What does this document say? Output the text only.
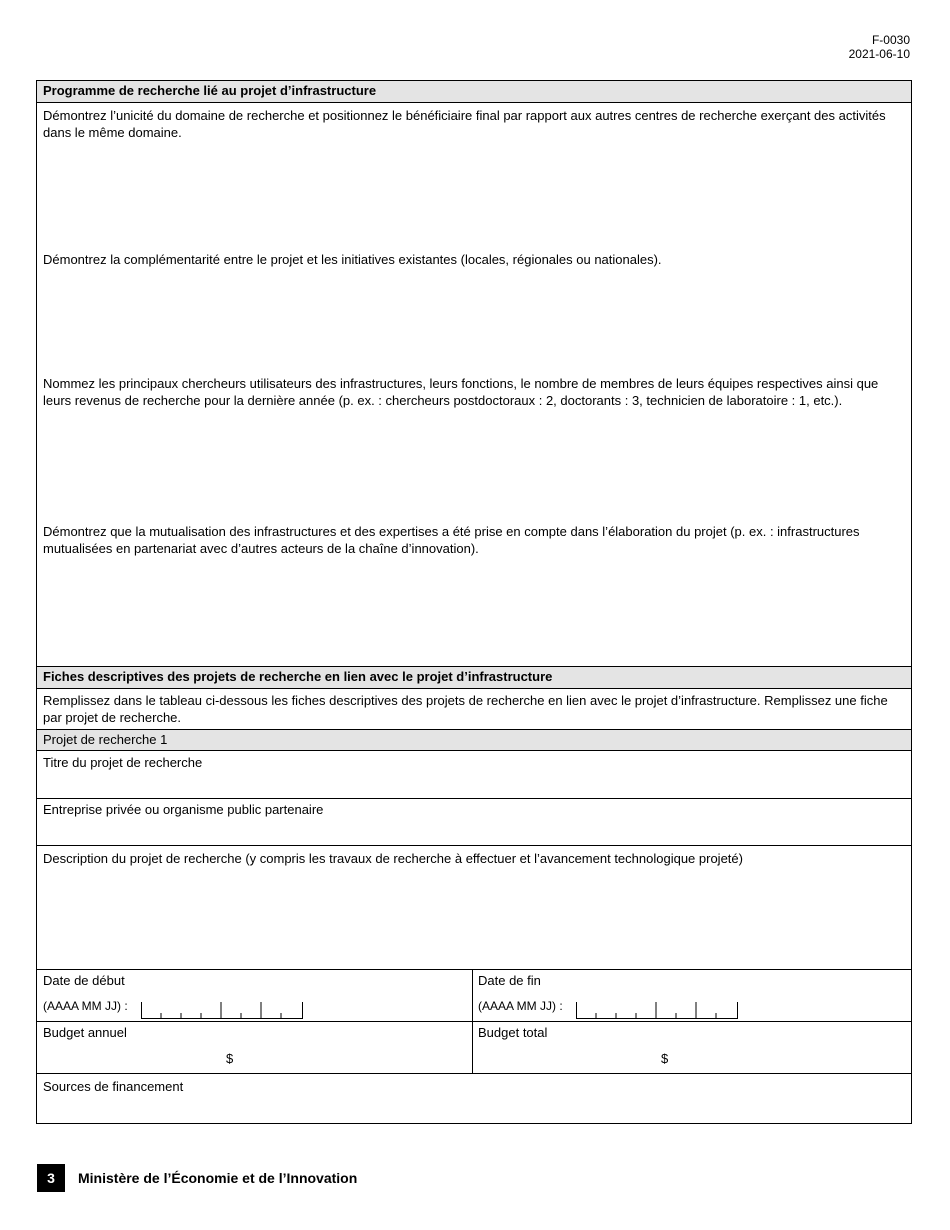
F-0030
2021-06-10
Programme de recherche lié au projet d’infrastructure
Démontrez l’unicité du domaine de recherche et positionnez le bénéficiaire final par rapport aux autres centres de recherche exerçant des activités dans le même domaine.
Démontrez la complémentarité entre le projet et les initiatives existantes (locales, régionales ou nationales).
Nommez les principaux chercheurs utilisateurs des infrastructures, leurs fonctions, le nombre de membres de leurs équipes respectives ainsi que leurs revenus de recherche pour la dernière année (p. ex. : chercheurs postdoctoraux : 2, doctorants : 3, technicien de laboratoire : 1, etc.).
Démontrez que la mutualisation des infrastructures et des expertises a été prise en compte dans l’élaboration du projet (p. ex. : infrastructures mutualisées en partenariat avec d’autres acteurs de la chaîne d’innovation).
Fiches descriptives des projets de recherche en lien avec le projet d’infrastructure
Remplissez dans le tableau ci-dessous les fiches descriptives des projets de recherche en lien avec le projet d’infrastructure. Remplissez une fiche par projet de recherche.
Projet de recherche 1
Titre du projet de recherche
Entreprise privée ou organisme public partenaire
Description du projet de recherche (y compris les travaux de recherche à effectuer et l’avancement technologique projeté)
Date de début
(AAAA MM JJ) :
Date de fin
(AAAA MM JJ) :
Budget annuel
$
Budget total
$
Sources de financement
3	Ministère de l’Économie et de l’Innovation
